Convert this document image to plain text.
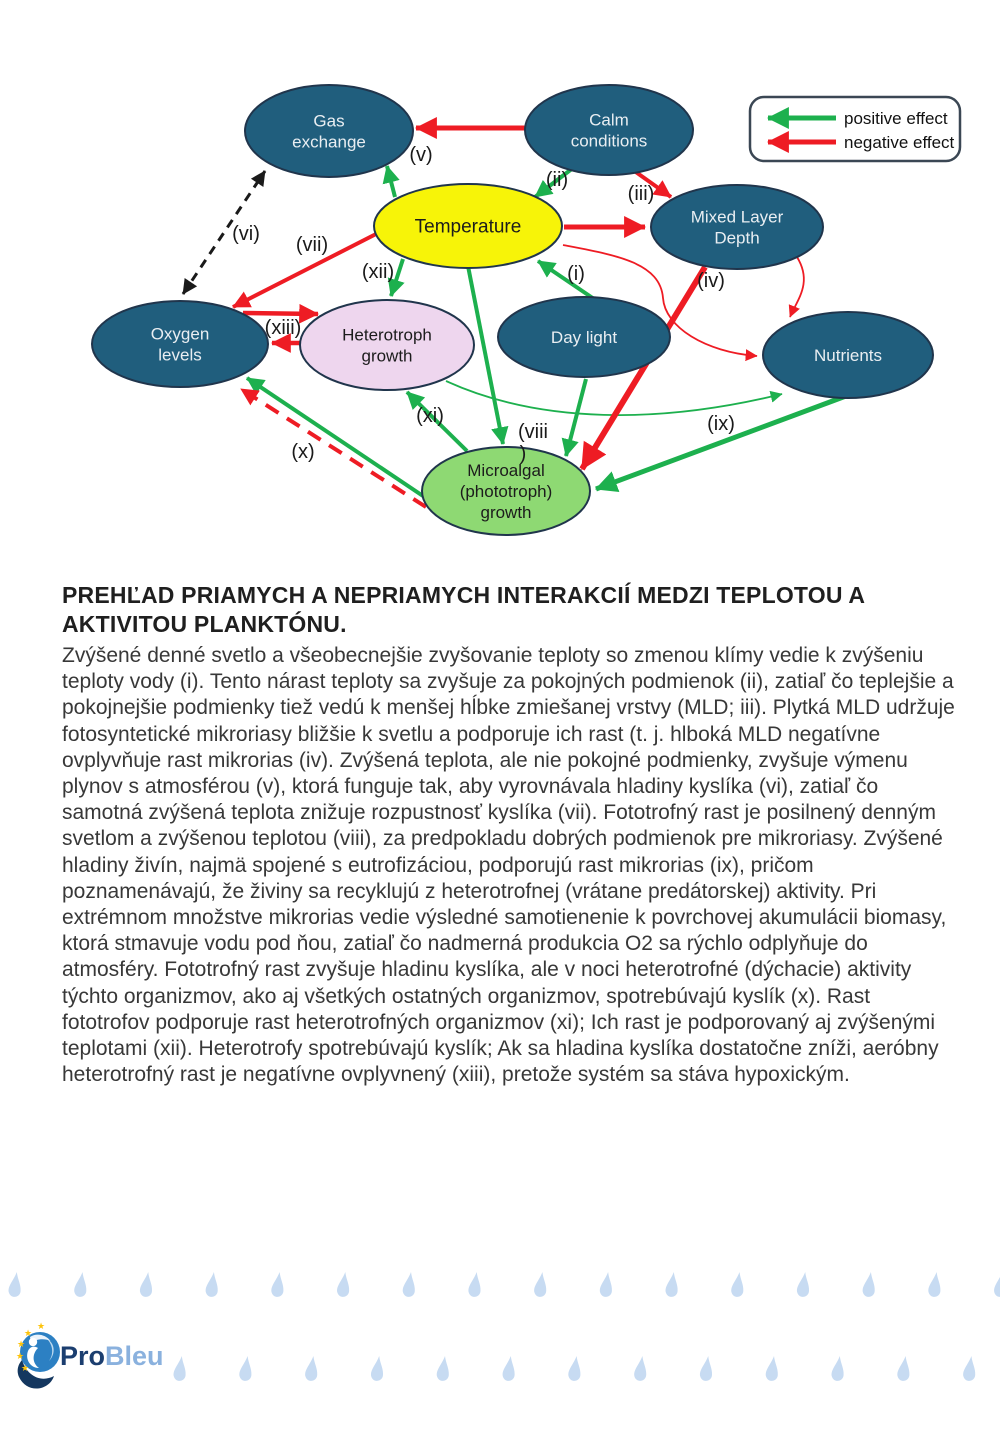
Gas exchange
Calm conditions
Temperature	Mixed Layer Depth
Oxygen levels
Heterotroph growth
Day light
Nutrients
Microalgal (phototroph) growth
(v)
(ii)
(iii)
(vi) (vii)
(xii)	(i)	(iv)
(xiii)
(xi)
(viii
)
(ix)
(x)
positive effect
negative effect
PREHĽAD PRIAMYCH A NEPRIAMYCH INTERAKCIÍ MEDZI TEPLOTOU A AKTIVITOU PLANKTÓNU.

Zvýšené denné svetlo a všeobecnejšie zvyšovanie teploty so zmenou klímy vedie k zvýšeniu teploty vody (i). Tento nárast teploty sa zvyšuje za pokojných podmienok (ii), zatiaľ čo teplejšie a pokojnejšie podmienky tiež vedú k menšej hĺbke zmiešanej vrstvy (MLD; iii). Plytká MLD udržuje fotosyntetické mikroriasy bližšie k svetlu a podporuje ich rast (t. j. hlboká MLD negatívne ovplyvňuje rast mikrorias (iv). Zvýšená teplota, ale nie pokojné podmienky, zvyšuje výmenu plynov s atmosférou (v), ktorá funguje tak, aby vyrovnávala hladiny kyslíka (vi), zatiaľ čo samotná zvýšená teplota znižuje rozpustnosť kyslíka (vii). Fototrofný rast je posilnený denným svetlom a zvýšenou teplotou (viii), za predpokladu dobrých podmienok pre mikroriasy. Zvýšené hladiny živín, najmä spojené s eutrofizáciou, podporujú rast mikrorias (ix), pričom poznamenávajú, že živiny sa recyklujú z heterotrofnej (vrátane predátorskej) aktivity. Pri extrémnom množstve mikrorias vedie výsledné samotienenie k povrchovej akumulácii biomasy, ktorá stmavuje vodu pod ňou, zatiaľ čo nadmerná produkcia O2 sa rýchlo odplyňuje do atmosféry. Fototrofný rast zvyšuje hladinu kyslíka, ale v noci heterotrofné (dýchacie) aktivity týchto organizmov, ako aj všetkých ostatných organizmov, spotrebúvajú kyslík (x). Rast fototrofov podporuje rast heterotrofných organizmov (xi); Ich rast je podporovaný aj zvýšenými teplotami (xii). Heterotrofy spotrebúvajú kyslík; Ak sa hladina kyslíka dostatočne zníži, aeróbny heterotrofný rast je negatívne ovplyvnený (xiii), pretože systém sa stáva hypoxickým.

★
★
★
★
★ ProBleu
